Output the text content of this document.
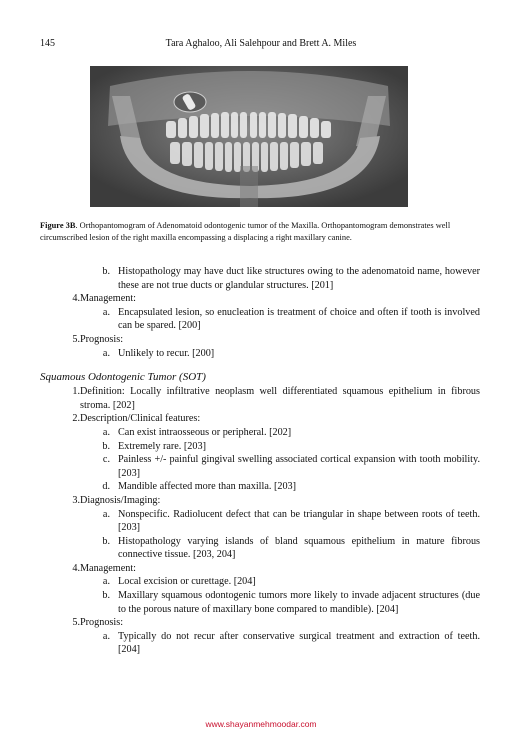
145	Tara Aghaloo, Ali Salehpour and Brett A. Miles
Figure 3B. Orthopantomogram of Adenomatoid odontogenic tumor of the Maxilla. Orthopantomogram demonstrates well circumscribed lesion of the right maxilla encompassing a displacing a right maxillary canine.
b. Histopathology may have duct like structures owing to the adenomatoid name, however these are not true ducts or glandular structures. [201]
4. Management:
a. Encapsulated lesion, so enucleation is treatment of choice and often if tooth is involved can be spared. [200]
5. Prognosis:
a. Unlikely to recur. [200]
Squamous Odontogenic Tumor (SOT)
1. Definition: Locally infiltrative neoplasm well differentiated squamous epithelium in fibrous stroma. [202]
2. Description/Clinical features:
a. Can exist intraosseous or peripheral. [202]
b. Extremely rare. [203]
c. Painless +/- painful gingival swelling associated cortical expansion with tooth mobility. [203]
d. Mandible affected more than maxilla. [203]
3. Diagnosis/Imaging:
a. Nonspecific. Radiolucent defect that can be triangular in shape between roots of teeth. [203]
b. Histopathology varying islands of bland squamous epithelium in mature fibrous connective tissue. [203, 204]
4. Management:
a. Local excision or curettage. [204]
b. Maxillary squamous odontogenic tumors more likely to invade adjacent structures (due to the porous nature of maxillary bone compared to mandible). [204]
5. Prognosis:
a. Typically do not recur after conservative surgical treatment and extraction of teeth. [204]
www.shayanmehmoodar.com
